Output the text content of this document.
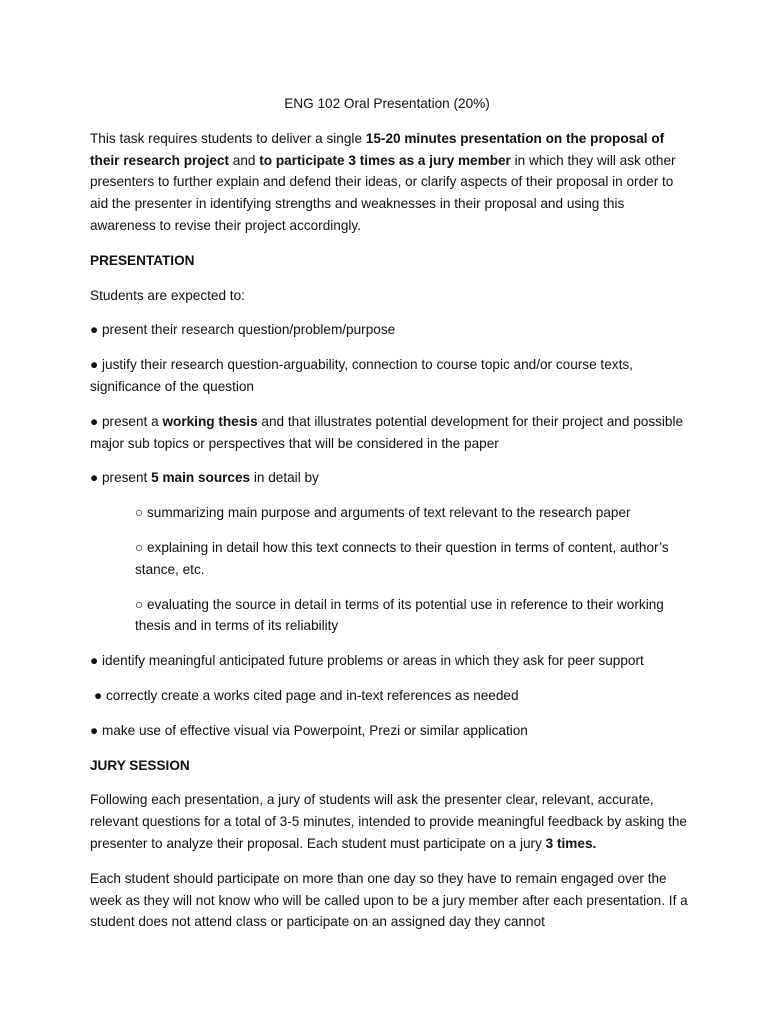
ENG 102 Oral Presentation (20%)

This task requires students to deliver a single 15-20 minutes presentation on the proposal of their research project and to participate 3 times as a jury member in which they will ask other presenters to further explain and defend their ideas, or clarify aspects of their proposal in order to aid the presenter in identifying strengths and weaknesses in their proposal and using this awareness to revise their project accordingly.

PRESENTATION

Students are expected to:

● present their research question/problem/purpose

● justify their research question-arguability, connection to course topic and/or course texts, significance of the question

● present a working thesis and that illustrates potential development for their project and possible major sub topics or perspectives that will be considered in the paper

● present 5 main sources in detail by

○ summarizing main purpose and arguments of text relevant to the research paper

○ explaining in detail how this text connects to their question in terms of content, author’s stance, etc.

○ evaluating the source in detail in terms of its potential use in reference to their working thesis and in terms of its reliability

● identify meaningful anticipated future problems or areas in which they ask for peer support

● correctly create a works cited page and in-text references as needed

● make use of effective visual via Powerpoint, Prezi or similar application

JURY SESSION

Following each presentation, a jury of students will ask the presenter clear, relevant, accurate, relevant questions for a total of 3-5 minutes, intended to provide meaningful feedback by asking the presenter to analyze their proposal. Each student must participate on a jury 3 times.

Each student should participate on more than one day so they have to remain engaged over the week as they will not know who will be called upon to be a jury member after each presentation. If a student does not attend class or participate on an assigned day they cannot
